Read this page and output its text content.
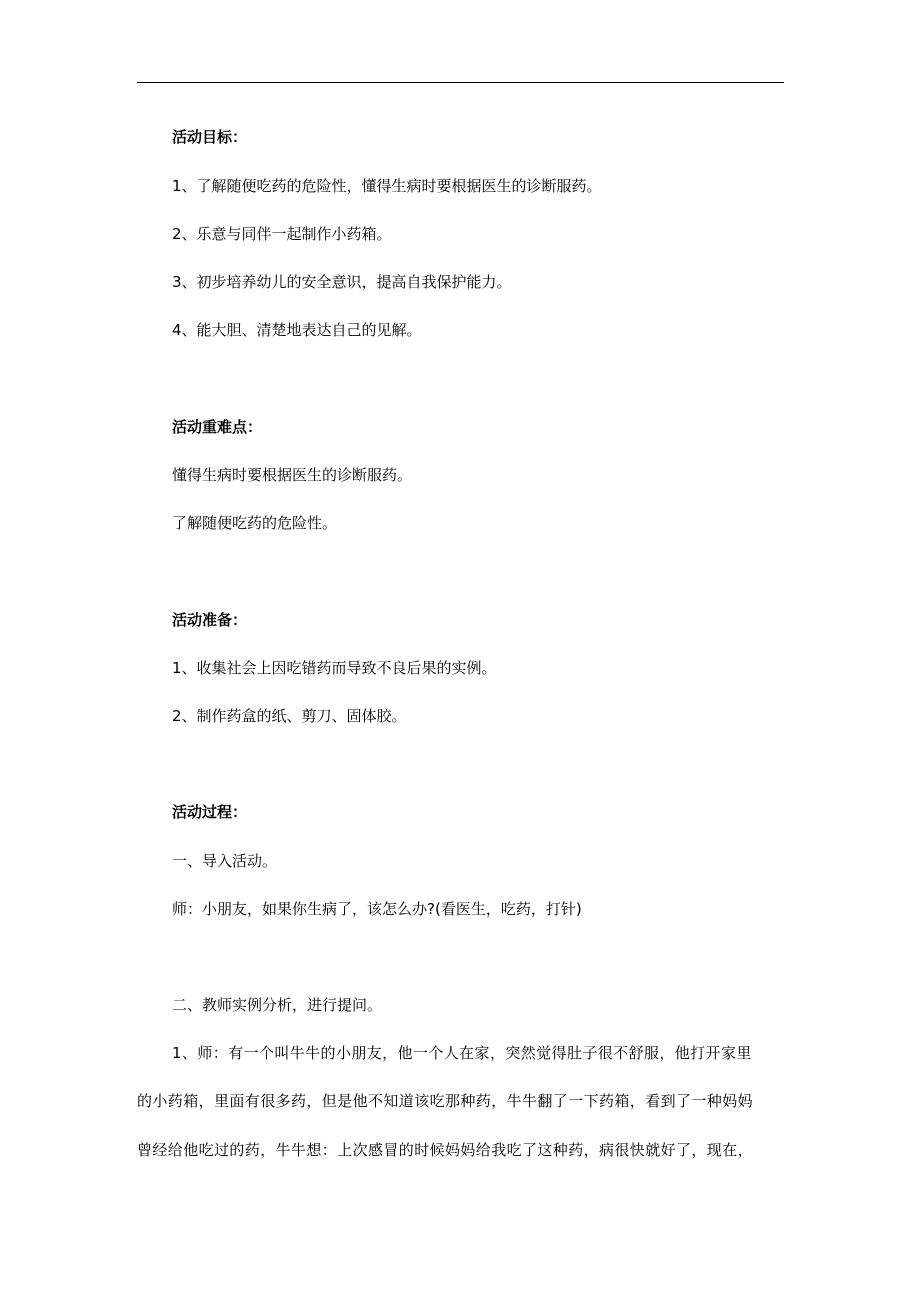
活动目标：

1、了解随便吃药的危险性，懂得生病时要根据医生的诊断服药。

2、乐意与同伴一起制作小药箱。

3、初步培养幼儿的安全意识，提高自我保护能力。

4、能大胆、清楚地表达自己的见解。

活动重难点：

懂得生病时要根据医生的诊断服药。

了解随便吃药的危险性。

活动准备：

1、收集社会上因吃错药而导致不良后果的实例。

2、制作药盒的纸、剪刀、固体胶。

活动过程：

一、导入活动。

师：小朋友，如果你生病了，该怎么办?(看医生，吃药，打针)

二、教师实例分析，进行提问。

1、师：有一个叫牛牛的小朋友，他一个人在家，突然觉得肚子很不舒服，他打开家里

的小药箱，里面有很多药，但是他不知道该吃那种药，牛牛翻了一下药箱，看到了一种妈妈

曾经给他吃过的药，牛牛想：上次感冒的时候妈妈给我吃了这种药，病很快就好了，现在，
